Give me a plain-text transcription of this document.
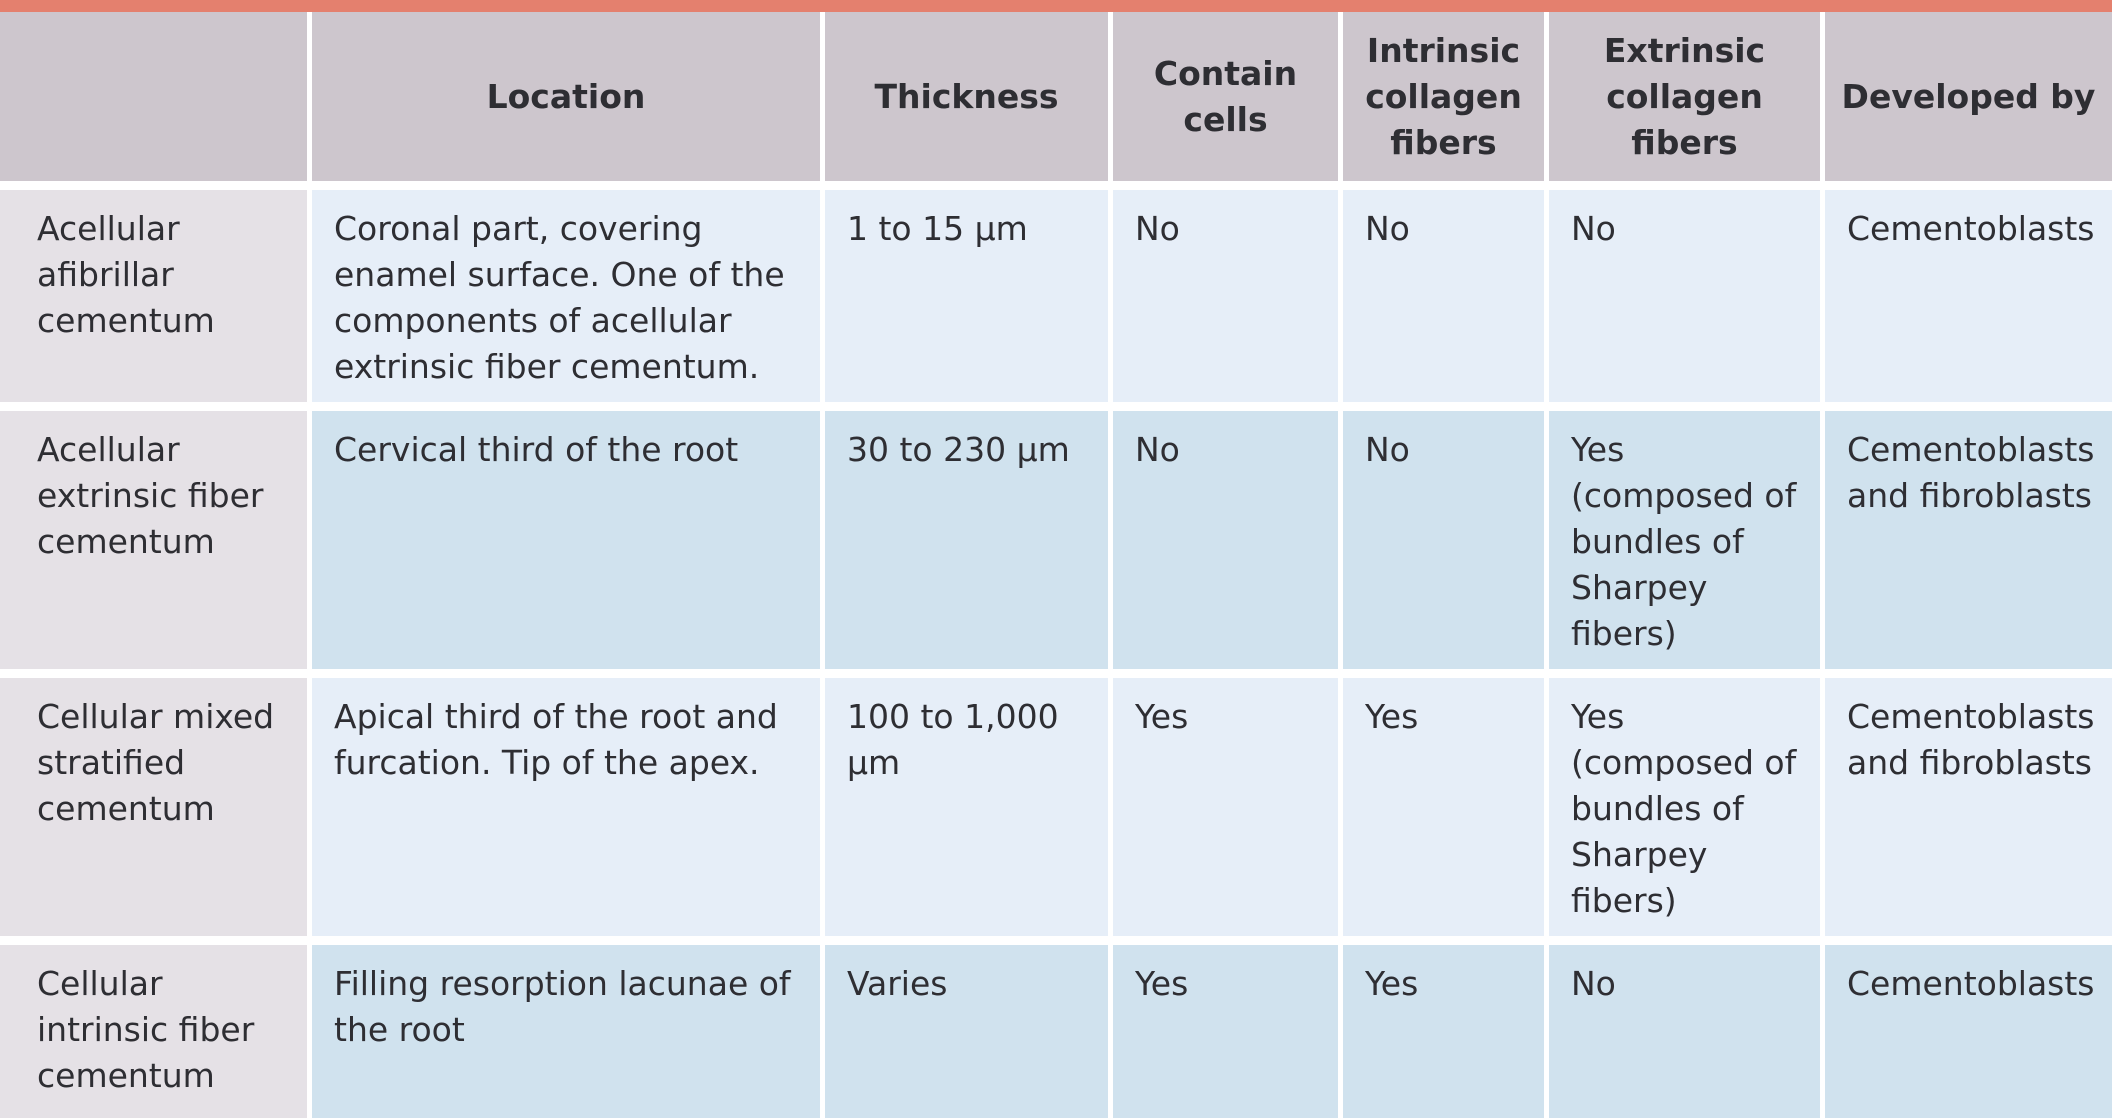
	Location	Thickness	Contain cells	Intrinsic collagen fibers	Extrinsic collagen fibers	Developed by
Acellular afibrillar cementum	Coronal part, covering enamel surface. One of the components of acellular extrinsic fiber cementum.	1 to 15 μm	No	No	No	Cementoblasts
Acellular extrinsic fiber cementum	Cervical third of the root	30 to 230 μm	No	No	Yes (composed of bundles of Sharpey fibers)	Cementoblasts and fibroblasts
Cellular mixed stratified cementum	Apical third of the root and furcation. Tip of the apex.	100 to 1,000 μm	Yes	Yes	Yes (composed of bundles of Sharpey fibers)	Cementoblasts and fibroblasts
Cellular intrinsic fiber cementum	Filling resorption lacunae of the root	Varies	Yes	Yes	No	Cementoblasts
